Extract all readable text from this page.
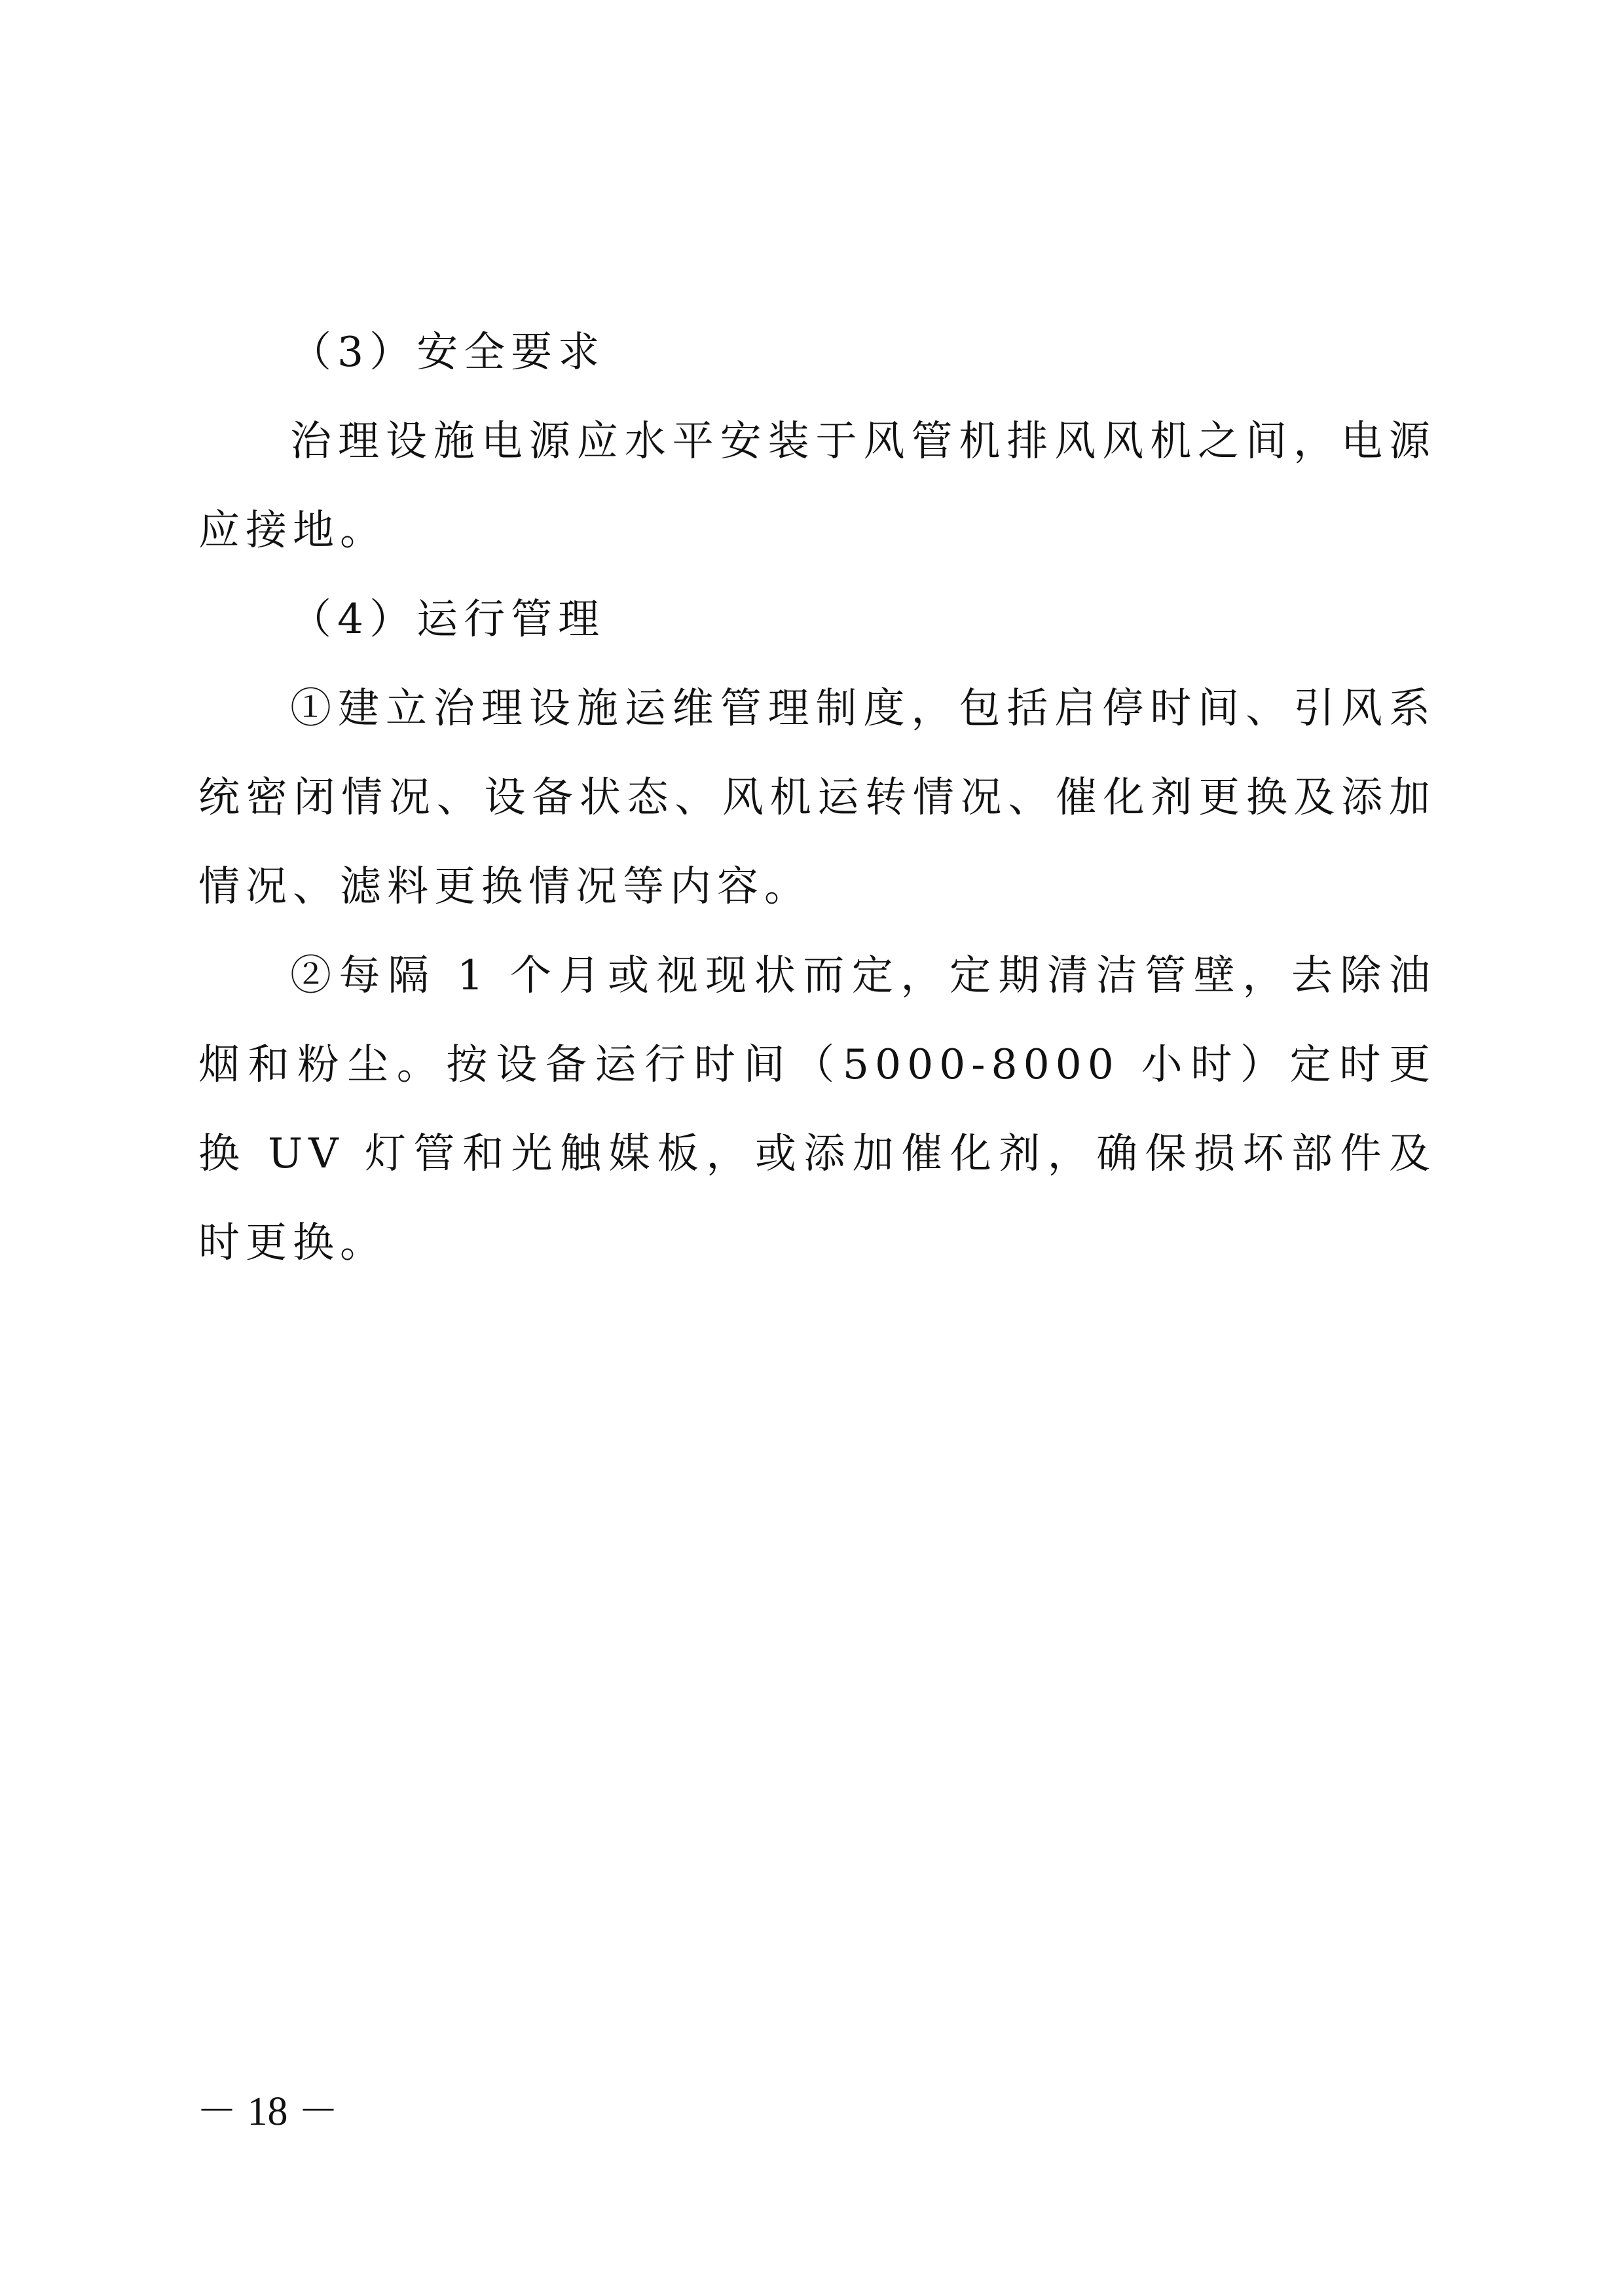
（3）安全要求

治理设施电源应水平安装于风管机排风风机之间，电源应接地。

（4）运行管理

①建立治理设施运维管理制度，包括启停时间、引风系统密闭情况、设备状态、风机运转情况、催化剂更换及添加情况、滤料更换情况等内容。

②每隔 1 个月或视现状而定，定期清洁管壁，去除油烟和粉尘。按设备运行时间（5000-8000 小时）定时更换 UV 灯管和光触媒板，或添加催化剂，确保损坏部件及时更换。

－ 18 －
